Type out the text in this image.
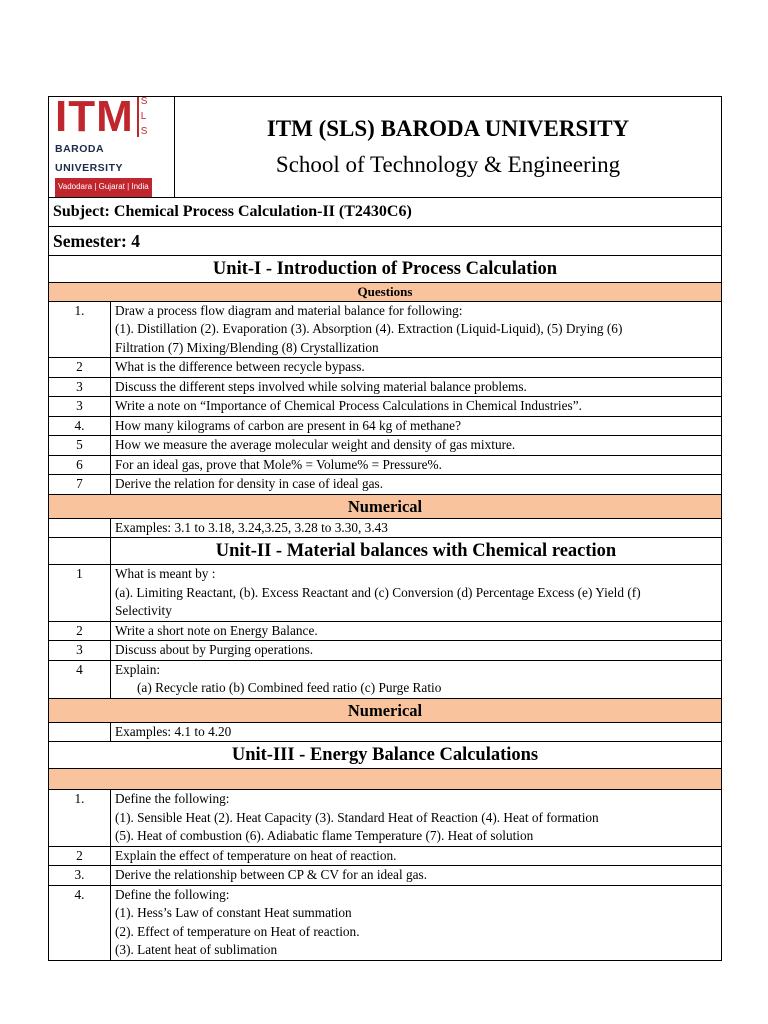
ITM S
L
S
BARODA UNIVERSITY
Vadodara | Gujarat | India

ITM (SLS) BARODA UNIVERSITY
School of Technology & Engineering

Subject: Chemical Process Calculation-II (T2430C6)
Semester: 4
Unit-I - Introduction of Process Calculation
Questions
1.	Draw a process flow diagram and material balance for following:
(1). Distillation (2). Evaporation (3). Absorption (4). Extraction (Liquid-Liquid), (5) Drying (6)
Filtration (7) Mixing/Blending (8) Crystallization

2	What is the difference between recycle bypass.

3	Discuss the different steps involved while solving material balance problems.

3	Write a note on “Importance of Chemical Process Calculations in Chemical Industries”.

4.	How many kilograms of carbon are present in 64 kg of methane?

5	How we measure the average molecular weight and density of gas mixture.

6	For an ideal gas, prove that Mole% = Volume% = Pressure%.

7	Derive the relation for density in case of ideal gas.

Numerical
	Examples: 3.1 to 3.18, 3.24,3.25, 3.28 to 3.30, 3.43
	Unit-II - Material balances with Chemical reaction
1	What is meant by :
(a). Limiting Reactant, (b). Excess Reactant and (c) Conversion (d) Percentage Excess (e) Yield (f)
Selectivity

2	Write a short note on Energy Balance.

3	Discuss about by Purging operations.

4	Explain:
(a) Recycle ratio (b) Combined feed ratio (c) Purge Ratio

Numerical
	Examples: 4.1 to 4.20
Unit-III - Energy Balance Calculations

1.	Define the following:
(1). Sensible Heat (2). Heat Capacity (3). Standard Heat of Reaction (4). Heat of formation
(5). Heat of combustion (6). Adiabatic flame Temperature (7). Heat of solution

2	Explain the effect of temperature on heat of reaction.

3.	Derive the relationship between CP & CV for an ideal gas.

4.	Define the following:
(1). Hess’s Law of constant Heat summation
(2). Effect of temperature on Heat of reaction.
(3). Latent heat of sublimation
